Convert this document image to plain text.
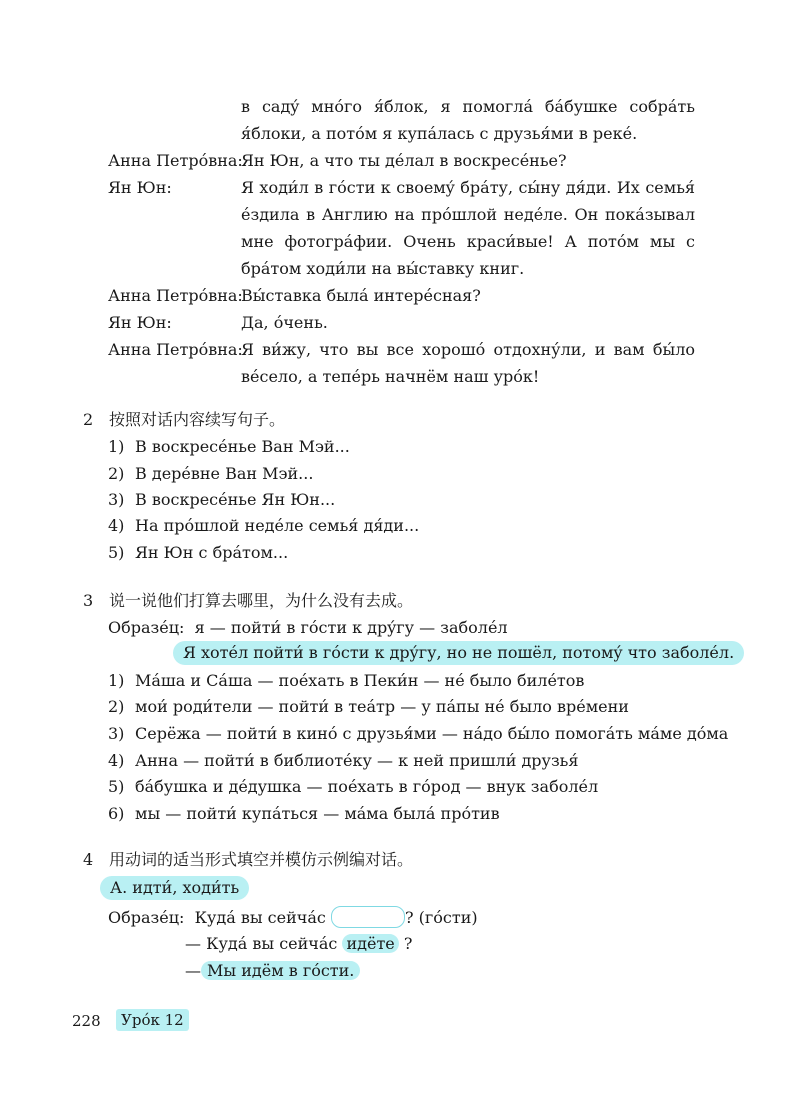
в садý мнóго я́блок, я помоглá бáбушке собрáть я́блоки, а потóм я купáлась с друзья́ми в рекé.
Анна Петрóвна:
Ян Юн, а что ты дéлал в воскресéнье?
Ян Юн:	Я ходи́л в гóсти к своемý брáту, сы́ну дя́ди. Их семья́ éздила в Англию на прóшлой недéле. Он покáзывал мне фотогрáфии. Очень краси́вые! А потóм мы с брáтом ходи́ли на вы́ставку книг.
Анна Петрóвна:
Вы́ставка былá интерéсная?
Ян Юн:	Да, óчень.
Анна Петрóвна:
Я ви́жу, что вы все хорошó отдохну́ли, и вам бы́ло вéсело, а тепéрь начнём наш урóк!
2 按照对话内容续写句子。
1) В воскресéнье Ван Мэй...
2) В дерéвне Ван Мэй...
3) В воскресéнье Ян Юн...
4) На прóшлой недéле семья́ дя́ди...
5) Ян Юн с брáтом...
3 说一说他们打算去哪里，为什么没有去成。
Образéц: я — пойти́ в гóсти к дрýгу — заболéл
Я хотéл пойти́ в гóсти к дрýгу, но не пошёл, потомý что заболéл.
1) Мáша и Сáша — поéхать в Пеки́н — нé было билéтов
2) мои́ роди́тели — пойти́ в теáтр — у пáпы нé было врéмени
3) Серёжа — пойти́ в кинó с друзья́ми — нáдо бы́ло помогáть мáме дóма
4) Анна — пойти́ в библиотéку — к ней пришли́ друзья́
5) бáбушка и дéдушка — поéхать в гóрод — внук заболéл
6) мы — пойти́ купáться — мáма былá прóтив
4 用动词的适当形式填空并模仿示例编对话。
А. идти́, ходи́ть
Образéц: Кудá вы сейчáс	? (гóсти)
— Кудá вы сейчáс идёте ?
— Мы идём в гóсти.
228	Урóк 12
